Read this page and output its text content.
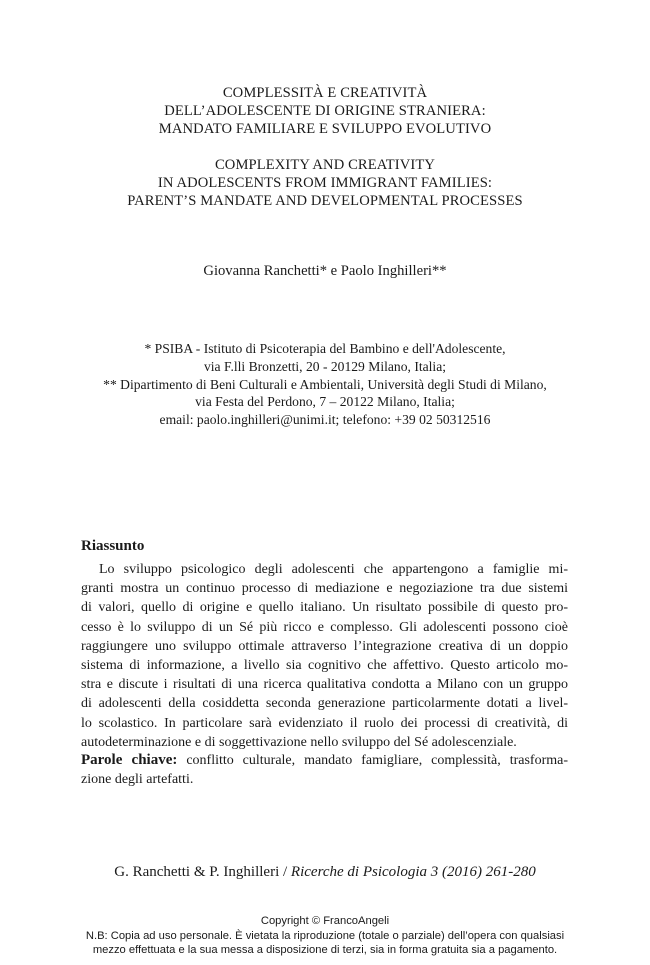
COMPLESSITÀ E CREATIVITÀ
DELL’ADOLESCENTE DI ORIGINE STRANIERA:
MANDATO FAMILIARE E SVILUPPO EVOLUTIVO
COMPLEXITY AND CREATIVITY
IN ADOLESCENTS FROM IMMIGRANT FAMILIES:
PARENT’S MANDATE AND DEVELOPMENTAL PROCESSES
Giovanna Ranchetti* e Paolo Inghilleri**
* PSIBA - Istituto di Psicoterapia del Bambino e dell'Adolescente,
via F.lli Bronzetti, 20 - 20129 Milano, Italia;
** Dipartimento di Beni Culturali e Ambientali, Università degli Studi di Milano,
via Festa del Perdono, 7 – 20122 Milano, Italia;
email: paolo.inghilleri@unimi.it; telefono: +39 02 50312516
Riassunto
Lo sviluppo psicologico degli adolescenti che appartengono a famiglie mi-
granti mostra un continuo processo di mediazione e negoziazione tra due sistemi
di valori, quello di origine e quello italiano. Un risultato possibile di questo pro-
cesso è lo sviluppo di un Sé più ricco e complesso. Gli adolescenti possono cioè
raggiungere uno sviluppo ottimale attraverso l’integrazione creativa di un doppio
sistema di informazione, a livello sia cognitivo che affettivo. Questo articolo mo-
stra e discute i risultati di una ricerca qualitativa condotta a Milano con un gruppo
di adolescenti della cosiddetta seconda generazione particolarmente dotati a livel-
lo scolastico. In particolare sarà evidenziato il ruolo dei processi di creatività, di
autodeterminazione e di soggettivazione nello sviluppo del Sé adolescenziale.
Parole chiave: conflitto culturale, mandato famigliare, complessità, trasforma-
zione degli artefatti.
G. Ranchetti & P. Inghilleri / Ricerche di Psicologia 3 (2016) 261-280
Copyright © FrancoAngeli
N.B: Copia ad uso personale. È vietata la riproduzione (totale o parziale) dell’opera con qualsiasi
mezzo effettuata e la sua messa a disposizione di terzi, sia in forma gratuita sia a pagamento.
